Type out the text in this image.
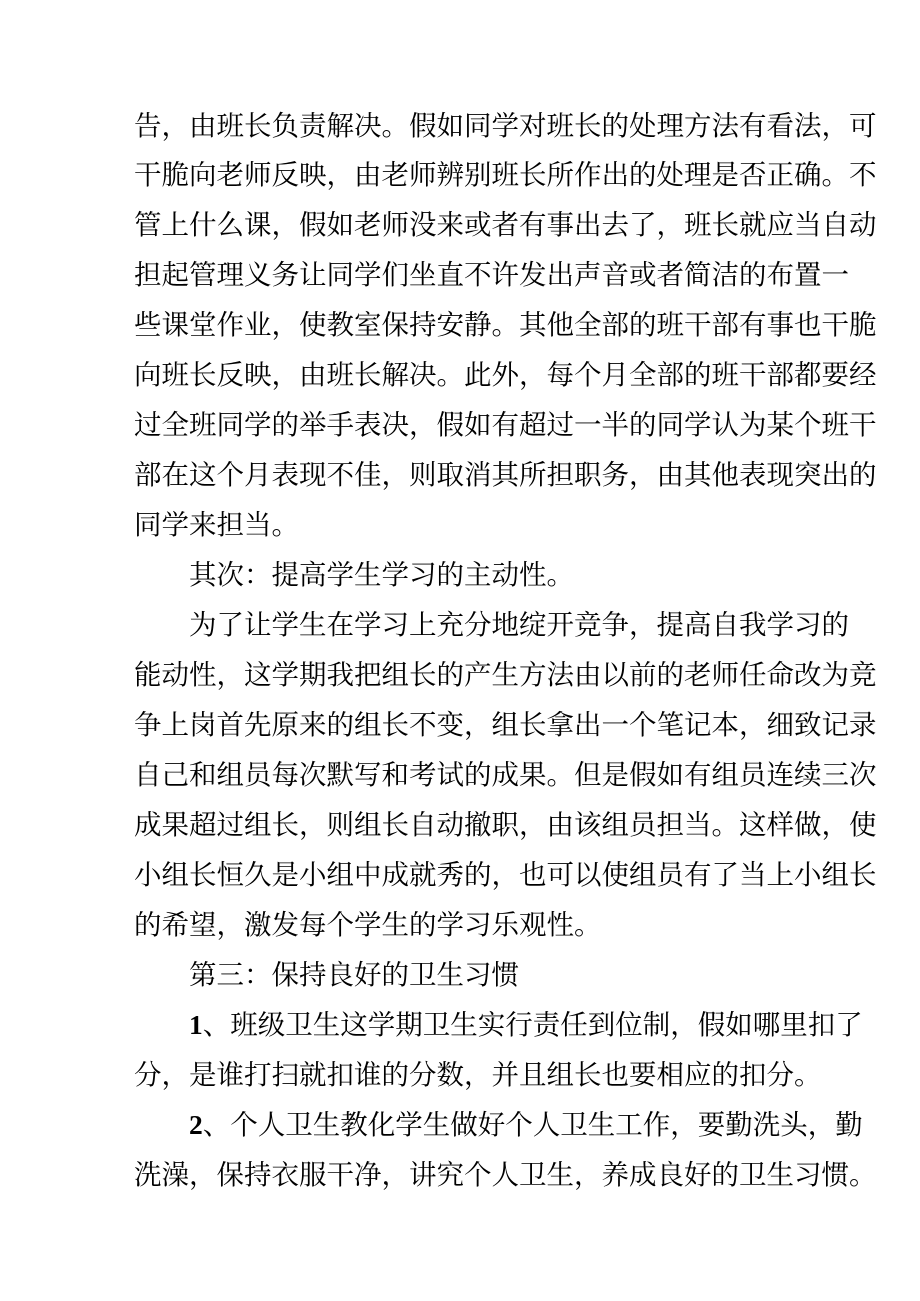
告，由班长负责解决。假如同学对班长的处理方法有看法，可
干脆向老师反映，由老师辨别班长所作出的处理是否正确。不
管上什么课，假如老师没来或者有事出去了，班长就应当自动
担起管理义务让同学们坐直不许发出声音或者简洁的布置一
些课堂作业，使教室保持安静。其他全部的班干部有事也干脆
向班长反映，由班长解决。此外，每个月全部的班干部都要经
过全班同学的举手表决，假如有超过一半的同学认为某个班干
部在这个月表现不佳，则取消其所担职务，由其他表现突出的
同学来担当。
其次：提高学生学习的主动性。
为了让学生在学习上充分地绽开竞争，提高自我学习的
能动性，这学期我把组长的产生方法由以前的老师任命改为竞
争上岗首先原来的组长不变，组长拿出一个笔记本，细致记录
自己和组员每次默写和考试的成果。但是假如有组员连续三次
成果超过组长，则组长自动撤职，由该组员担当。这样做，使
小组长恒久是小组中成就秀的，也可以使组员有了当上小组长
的希望，激发每个学生的学习乐观性。
第三：保持良好的卫生习惯
1、班级卫生这学期卫生实行责任到位制，假如哪里扣了
分，是谁打扫就扣谁的分数，并且组长也要相应的扣分。
2、个人卫生教化学生做好个人卫生工作，要勤洗头，勤
洗澡，保持衣服干净，讲究个人卫生，养成良好的卫生习惯。
